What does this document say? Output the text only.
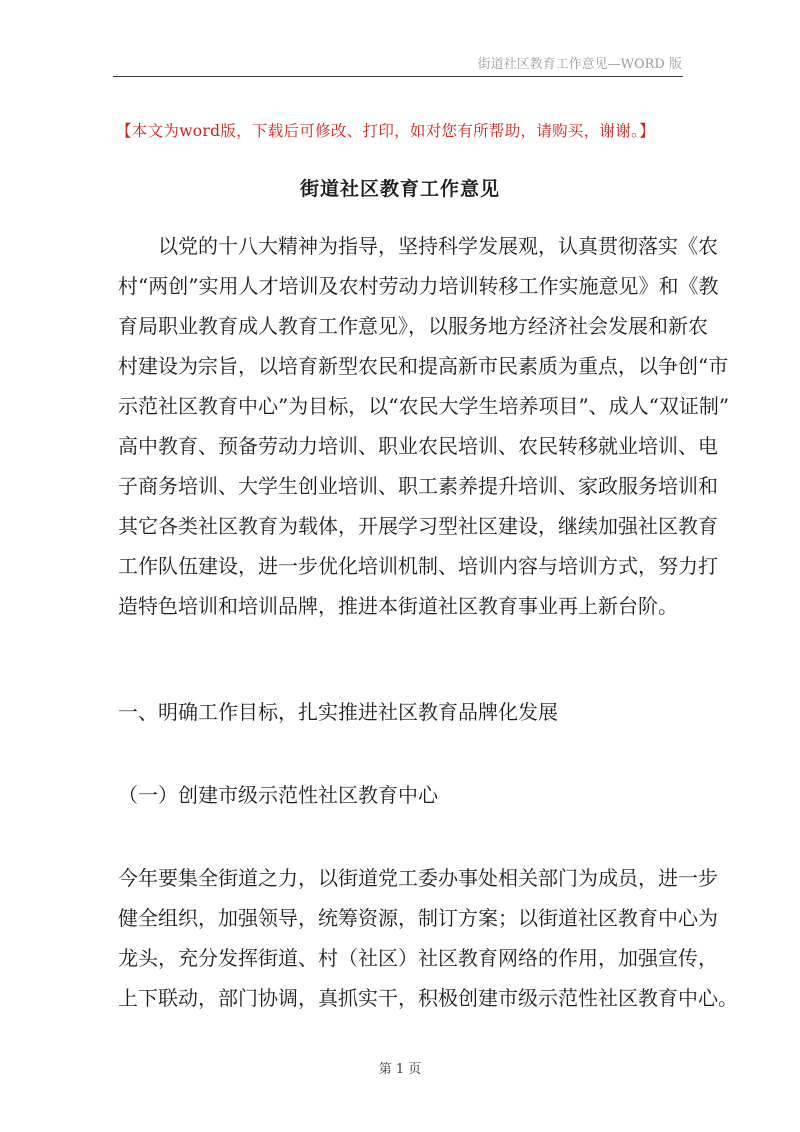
街道社区教育工作意见—WORD 版
【本文为word版，下载后可修改、打印，如对您有所帮助，请购买，谢谢。】
街道社区教育工作意见

以党的十八大精神为指导，坚持科学发展观，认真贯彻落实《农
村“两创”实用人才培训及农村劳动力培训转移工作实施意见》和《教
育局职业教育成人教育工作意见》，以服务地方经济社会发展和新农
村建设为宗旨，以培育新型农民和提高新市民素质为重点，以争创“市
示范社区教育中心”为目标，以“农民大学生培养项目”、成人“双证制”
高中教育、预备劳动力培训、职业农民培训、农民转移就业培训、电
子商务培训、大学生创业培训、职工素养提升培训、家政服务培训和
其它各类社区教育为载体，开展学习型社区建设，继续加强社区教育
工作队伍建设，进一步优化培训机制、培训内容与培训方式，努力打
造特色培训和培训品牌，推进本街道社区教育事业再上新台阶。

一、明确工作目标，扎实推进社区教育品牌化发展

（一）创建市级示范性社区教育中心

今年要集全街道之力，以街道党工委办事处相关部门为成员，进一步
健全组织，加强领导，统筹资源，制订方案；以街道社区教育中心为
龙头，充分发挥街道、村（社区）社区教育网络的作用，加强宣传，
上下联动，部门协调，真抓实干，积极创建市级示范性社区教育中心。

第 1 页
